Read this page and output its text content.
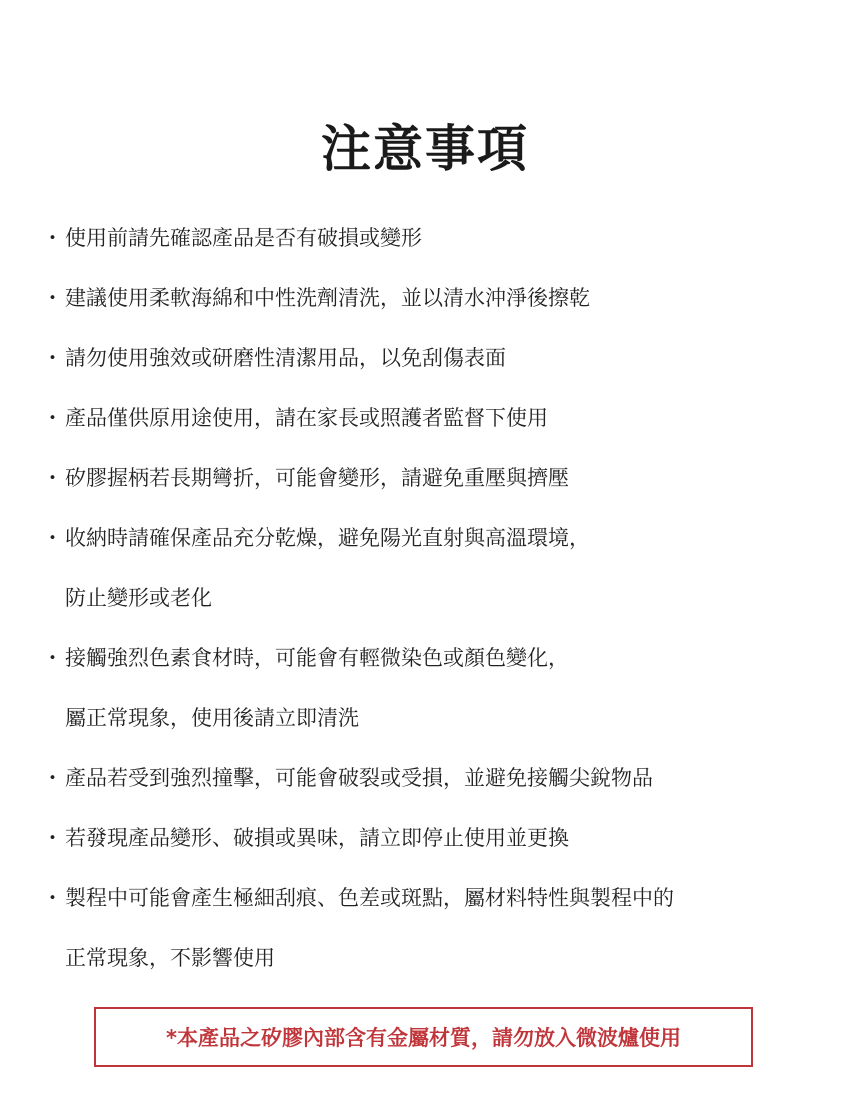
注意事項
・ 使用前請先確認產品是否有破損或變形
・ 建議使用柔軟海綿和中性洗劑清洗，並以清水沖淨後擦乾
・ 請勿使用強效或研磨性清潔用品，以免刮傷表面
・ 產品僅供原用途使用，請在家長或照護者監督下使用
・ 矽膠握柄若長期彎折，可能會變形，請避免重壓與擠壓
・ 收納時請確保產品充分乾燥，避免陽光直射與高溫環境，
防止變形或老化
・ 接觸強烈色素食材時，可能會有輕微染色或顏色變化，
屬正常現象，使用後請立即清洗
・ 產品若受到強烈撞擊，可能會破裂或受損，並避免接觸尖銳物品
・ 若發現產品變形、破損或異味，請立即停止使用並更換
・ 製程中可能會產生極細刮痕、色差或斑點，屬材料特性與製程中的
正常現象，不影響使用
*本產品之矽膠內部含有金屬材質，請勿放入微波爐使用
